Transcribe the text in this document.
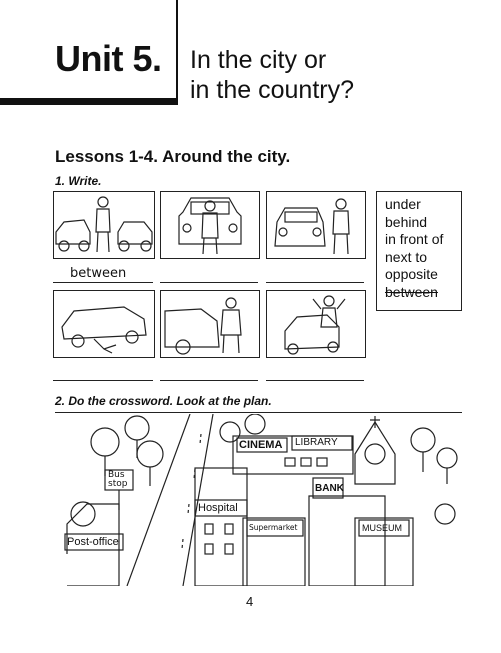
Unit 5. In the city or
in the country?
Lessons 1-4. Around the city.
1. Write.
between
under
behind
in front of
next to
opposite
between
2. Do the crossword. Look at the plan.
Bus
stop
CINEMA LIBRARY
BANK
Hospital
Supermarket	MUSEUM
Post-office
4
